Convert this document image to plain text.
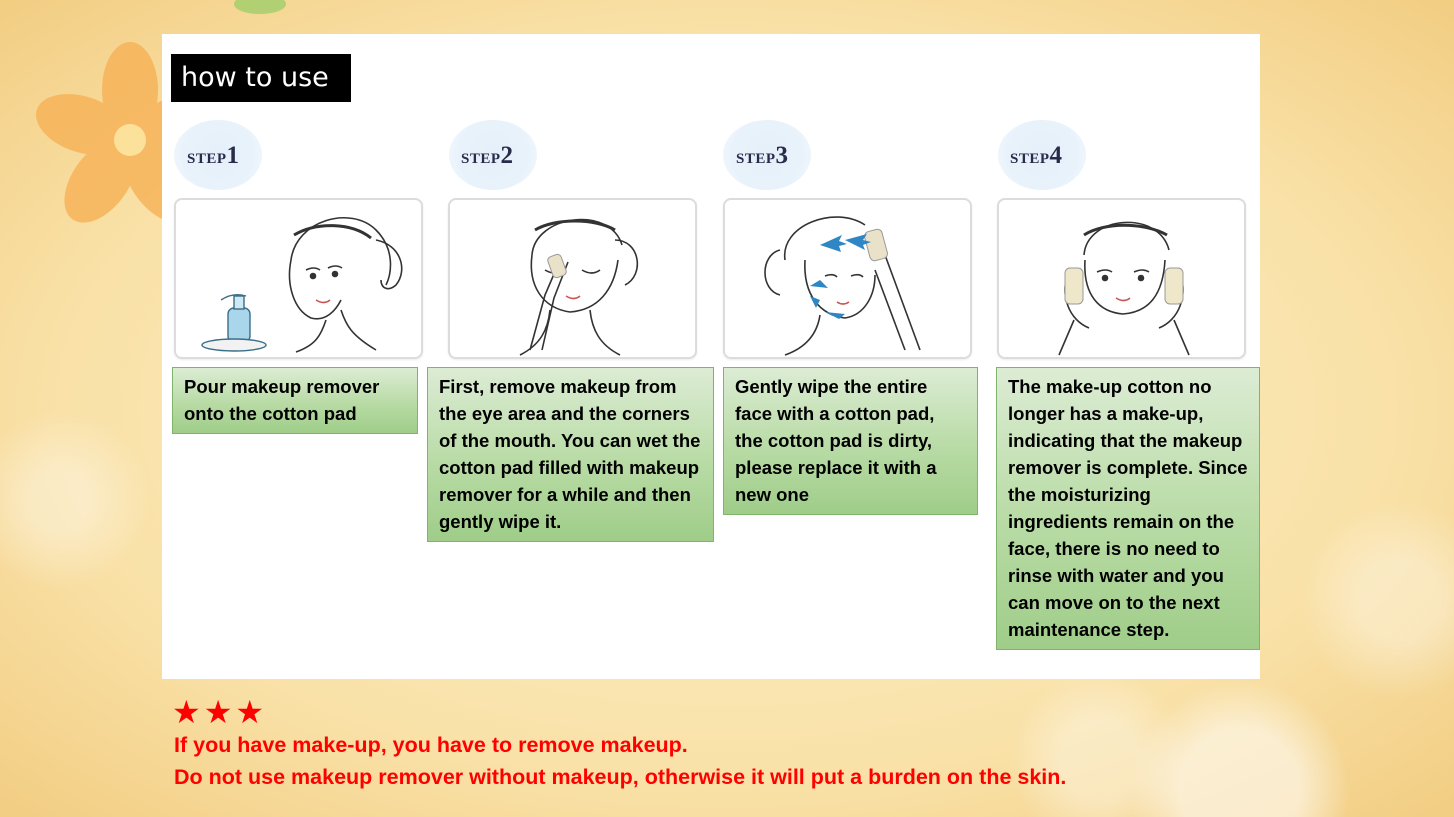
how to use
STEP1	STEP2	STEP3	STEP4
Pour makeup remover onto the cotton pad
First, remove makeup from the eye area and the corners of the mouth. You can wet the cotton pad filled with makeup remover for a while and then gently wipe it.
Gently wipe the entire face with a cotton pad, the cotton pad is dirty, please replace it with a new one
The make-up cotton no longer has a make-up, indicating that the makeup remover is complete. Since the moisturizing ingredients remain on the face, there is no need to rinse with water and you can move on to the next maintenance step.
★★★
If you have make-up, you have to remove makeup.
Do not use makeup remover without makeup, otherwise it will put a burden on the skin.
